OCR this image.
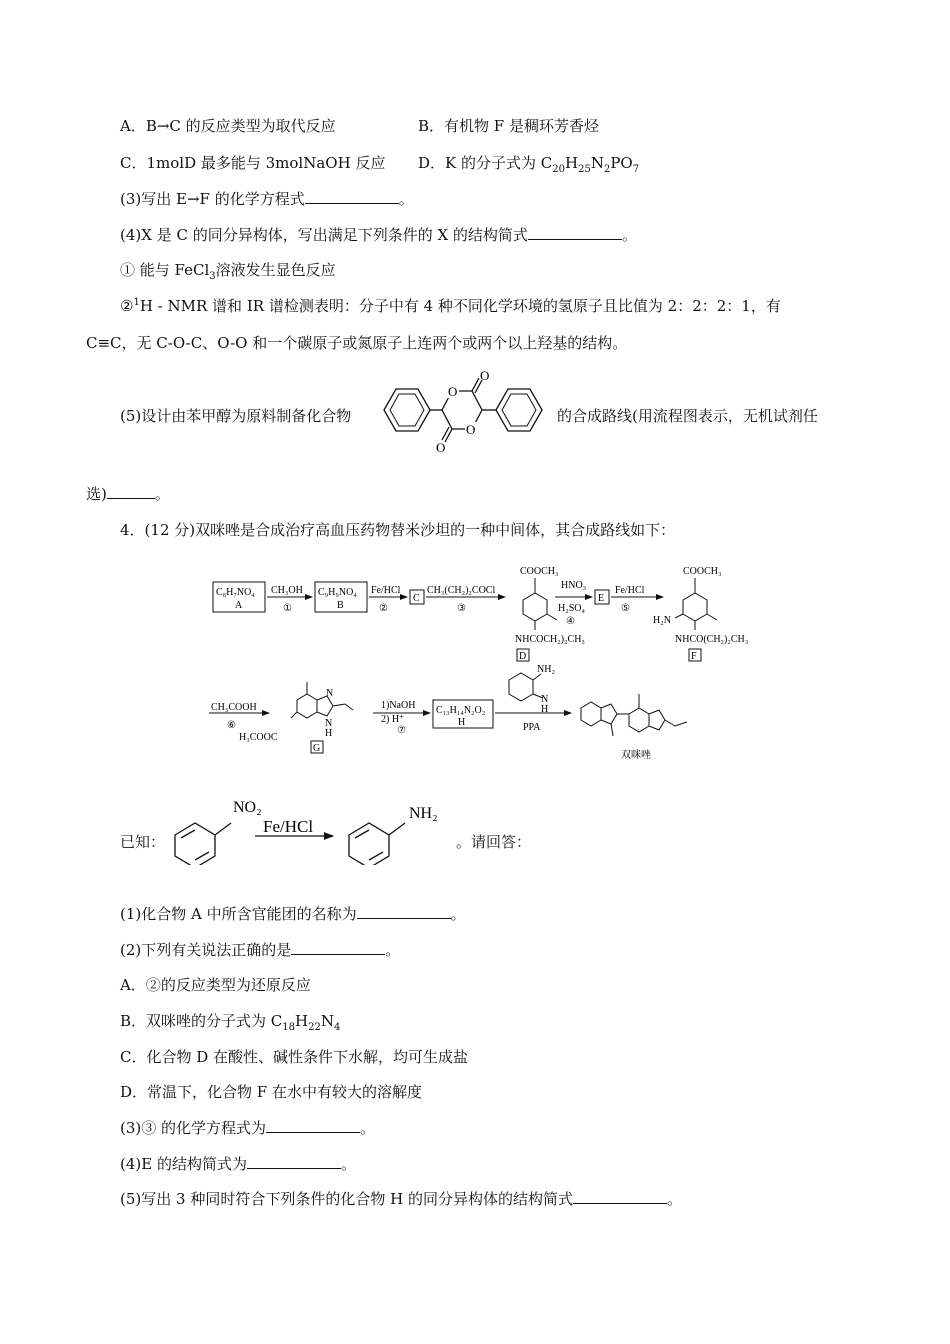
A．B→C 的反应类型为取代反应	B．有机物 F 是稠环芳香烃
C．1molD 最多能与 3molNaOH 反应 D．K 的分子式为 $C_{20}H_{25}N_2PO_7$
(3)写出 E→F 的化学方程式	。
(4)X 是 C 的同分异构体，写出满足下列条件的 X 的结构简式	。
① 能与 FeCl$_3$溶液发生显色反应
②$^1$H - NMR 谱和 IR 谱检测表明：分子中有 4 种不同化学环境的氢原子且比值为 2：2：2：1，有
C≡C，无 C-O-C、O-O 和一个碳原子或氮原子上连两个或两个以上羟基的结构。
(5)设计由苯甲醇为原料制备化合物
O
O
O
O
的合成路线(用流程图表示，无机试剂任
选)	。
4．(12 分)双咪唑是合成治疗高血压药物替米沙坦的一种中间体，其合成路线如下：
C₈H₇NO₄
A
CH₃OH
①
C₉H₉NO₄
B
Fe/HCl
②
C
CH₃(CH₂)₂COCl
③
COOCH₃
NHCOCH₂)₂CH₃
D
HNO₃
H₂SO₄
④
E
Fe/HCl
⑤
COOCH₃
H₂N
NHCO(CH₂)₂CH₃
F
CH₃COOH
⑥
H₃COOC
N
N
H
G
1)NaOH
2) H⁺
⑦
C₁₃H₁₄N₂O₂
H
NH₂
N
H
PPA
双咪唑
已知：
NO₂
Fe/HCl
NH₂
。请回答：
(1)化合物 A 中所含官能团的名称为	。
(2)下列有关说法正确的是	。
A．②的反应类型为还原反应
B．双咪唑的分子式为 $C_{18}H_{22}N_4$
C．化合物 D 在酸性、碱性条件下水解，均可生成盐
D．常温下，化合物 F 在水中有较大的溶解度
(3)③ 的化学方程式为	。
(4)E 的结构简式为	。
(5)写出 3 种同时符合下列条件的化合物 H 的同分异构体的结构简式	。
